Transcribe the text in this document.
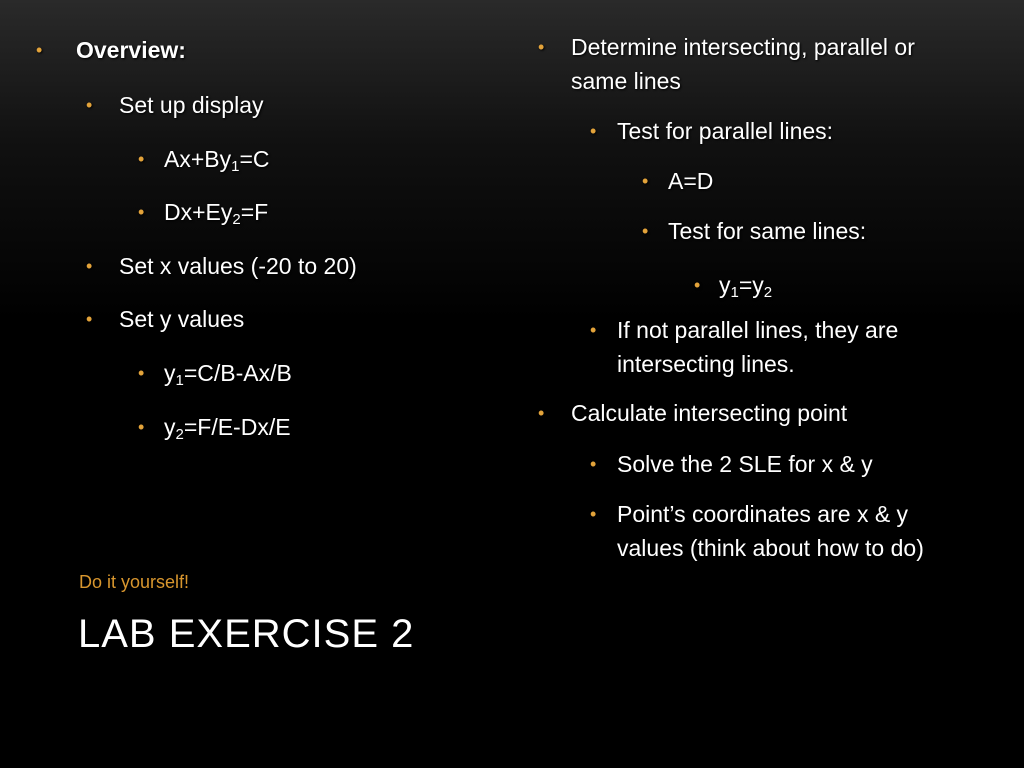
• Overview:
• Set up display
• $Ax+By_1=C$
• $Dx+Ey_2=F$
• Set x values (-20 to 20)
• Set y values
• $y_1=C/B-Ax/B$
• $y_2=F/E-Dx/E$
• Determine intersecting, parallel or
same lines
• Test for parallel lines:
• A=D
• Test for same lines:
• $y_1=y_2$
• If not parallel lines, they are
intersecting lines.
• Calculate intersecting point
• Solve the 2 SLE for x & y
• Point’s coordinates are x & y
values (think about how to do)
Do it yourself!
LAB EXERCISE 2
